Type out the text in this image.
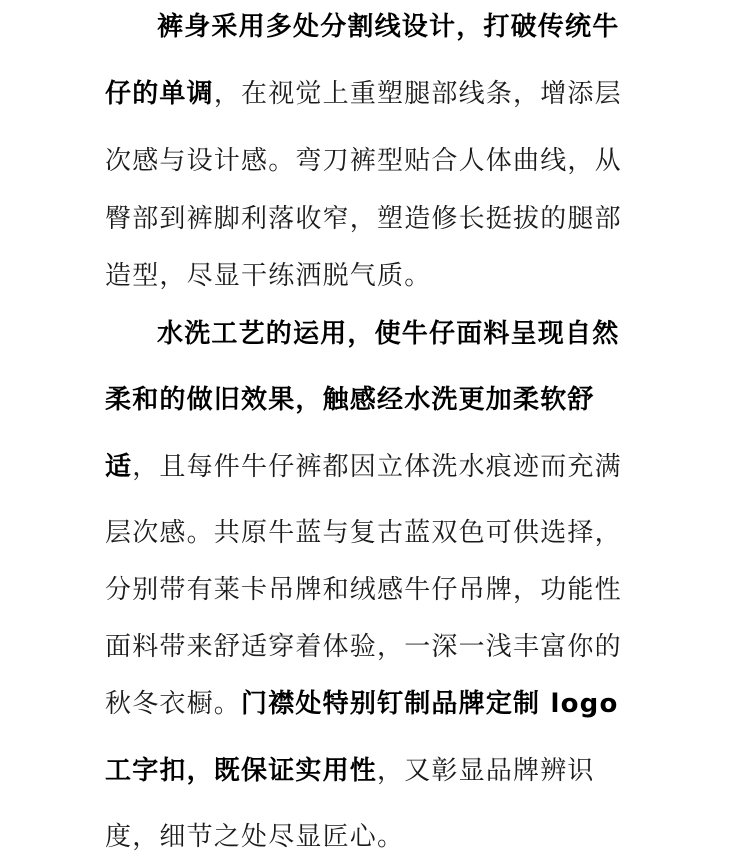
裤身采用多处分割线设计，打破传统牛
仔的单调，在视觉上重塑腿部线条，增添层
次感与设计感。弯刀裤型贴合人体曲线，从
臀部到裤脚利落收窄，塑造修长挺拔的腿部
造型，尽显干练洒脱气质。
水洗工艺的运用，使牛仔面料呈现自然
柔和的做旧效果，触感经水洗更加柔软舒
适，且每件牛仔裤都因立体洗水痕迹而充满
层次感。共原牛蓝与复古蓝双色可供选择，
分别带有莱卡吊牌和绒感牛仔吊牌，功能性
面料带来舒适穿着体验，一深一浅丰富你的
秋冬衣橱。门襟处特别钉制品牌定制 logo
工字扣，既保证实用性，又彰显品牌辨识
度，细节之处尽显匠心。
